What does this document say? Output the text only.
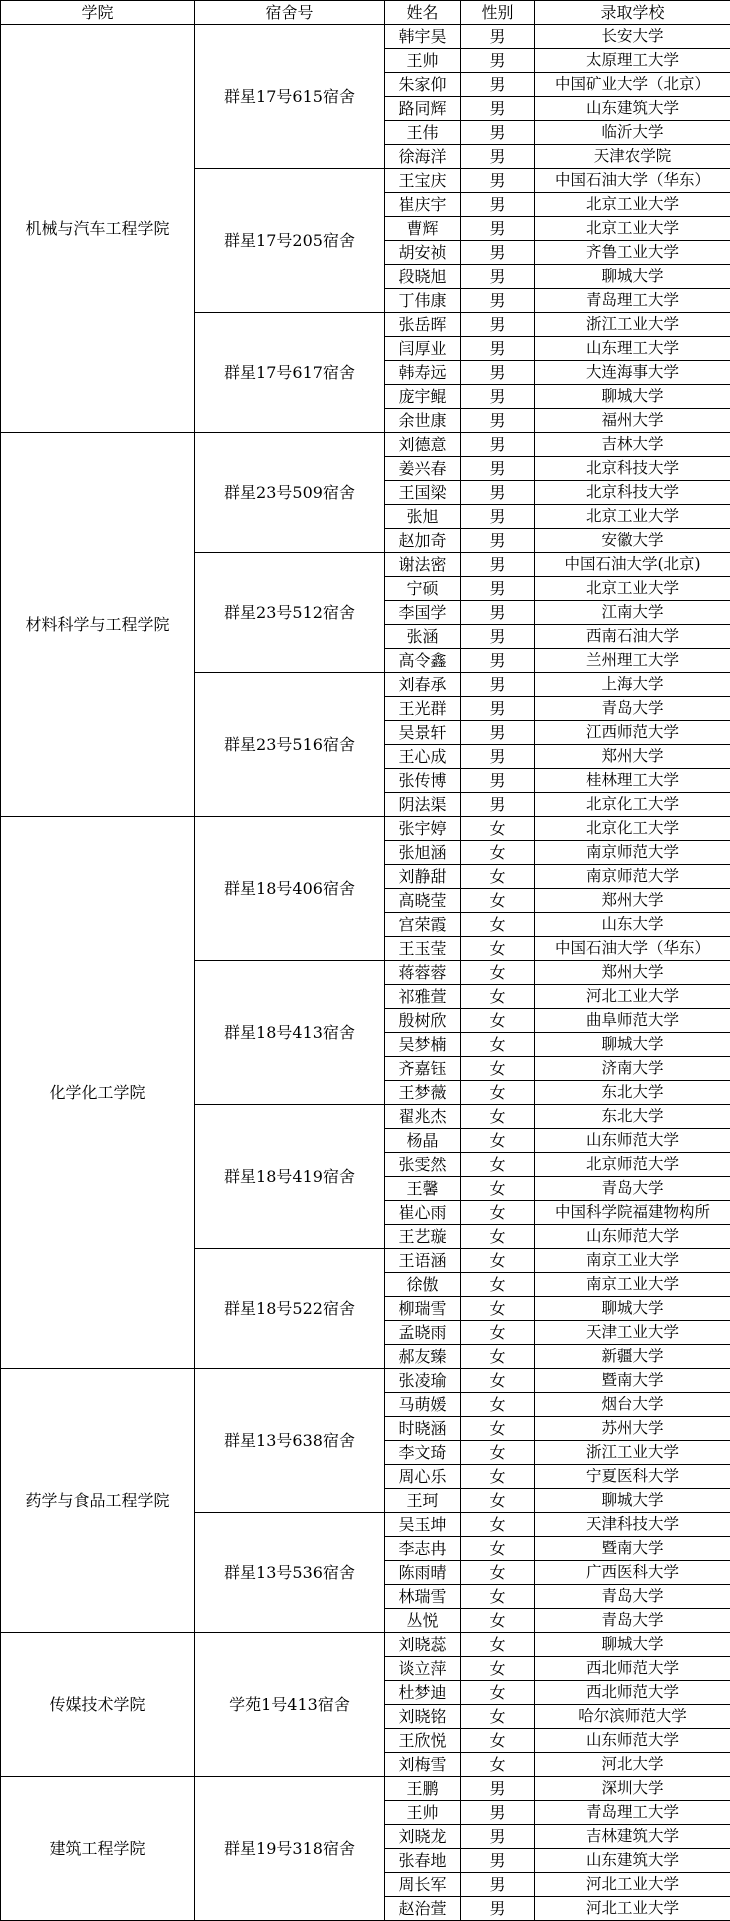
学院	宿舍号	姓名	性别	录取学校
机械与汽车工程学院	群星17号615宿舍	韩宇昊	男	长安大学
		王帅	男	太原理工大学
		朱家仰	男	中国矿业大学（北京）
		路同辉	男	山东建筑大学
		王伟	男	临沂大学
		徐海洋	男	天津农学院
	群星17号205宿舍	王宝庆	男	中国石油大学（华东）
		崔庆宇	男	北京工业大学
		曹辉	男	北京工业大学
		胡安祯	男	齐鲁工业大学
		段晓旭	男	聊城大学
		丁伟康	男	青岛理工大学
	群星17号617宿舍	张岳晖	男	浙江工业大学
		闫厚业	男	山东理工大学
		韩寿远	男	大连海事大学
		庞宇鲲	男	聊城大学
		余世康	男	福州大学
材料科学与工程学院	群星23号509宿舍	刘德意	男	吉林大学
		姜兴春	男	北京科技大学
		王国梁	男	北京科技大学
		张旭	男	北京工业大学
		赵加奇	男	安徽大学
	群星23号512宿舍	谢法密	男	中国石油大学(北京)
		宁硕	男	北京工业大学
		李国学	男	江南大学
		张涵	男	西南石油大学
		高令鑫	男	兰州理工大学
	群星23号516宿舍	刘春承	男	上海大学
		王光群	男	青岛大学
		吴景轩	男	江西师范大学
		王心成	男	郑州大学
		张传博	男	桂林理工大学
		阴法渠	男	北京化工大学
化学化工学院	群星18号406宿舍	张宇婷	女	北京化工大学
		张旭涵	女	南京师范大学
		刘静甜	女	南京师范大学
		高晓莹	女	郑州大学
		宫荣霞	女	山东大学
		王玉莹	女	中国石油大学（华东）
	群星18号413宿舍	蒋蓉蓉	女	郑州大学
		祁雅萱	女	河北工业大学
		殷树欣	女	曲阜师范大学
		吴梦楠	女	聊城大学
		齐嘉钰	女	济南大学
		王梦薇	女	东北大学
	群星18号419宿舍	翟兆杰	女	东北大学
		杨晶	女	山东师范大学
		张雯然	女	北京师范大学
		王馨	女	青岛大学
		崔心雨	女	中国科学院福建物构所
		王艺璇	女	山东师范大学
	群星18号522宿舍	王语涵	女	南京工业大学
		徐傲	女	南京工业大学
		柳瑞雪	女	聊城大学
		孟晓雨	女	天津工业大学
		郝友臻	女	新疆大学
药学与食品工程学院	群星13号638宿舍	张凌瑜	女	暨南大学
		马萌媛	女	烟台大学
		时晓涵	女	苏州大学
		李文琦	女	浙江工业大学
		周心乐	女	宁夏医科大学
		王珂	女	聊城大学
	群星13号536宿舍	吴玉坤	女	天津科技大学
		李志冉	女	暨南大学
		陈雨晴	女	广西医科大学
		林瑞雪	女	青岛大学
		丛悦	女	青岛大学
传媒技术学院	学苑1号413宿舍	刘晓蕊	女	聊城大学
		谈立萍	女	西北师范大学
		杜梦迪	女	西北师范大学
		刘晓铭	女	哈尔滨师范大学
		王欣悦	女	山东师范大学
		刘梅雪	女	河北大学
建筑工程学院	群星19号318宿舍	王鹏	男	深圳大学
		王帅	男	青岛理工大学
		刘晓龙	男	吉林建筑大学
		张春地	男	山东建筑大学
		周长军	男	河北工业大学
		赵治萱	男	河北工业大学
